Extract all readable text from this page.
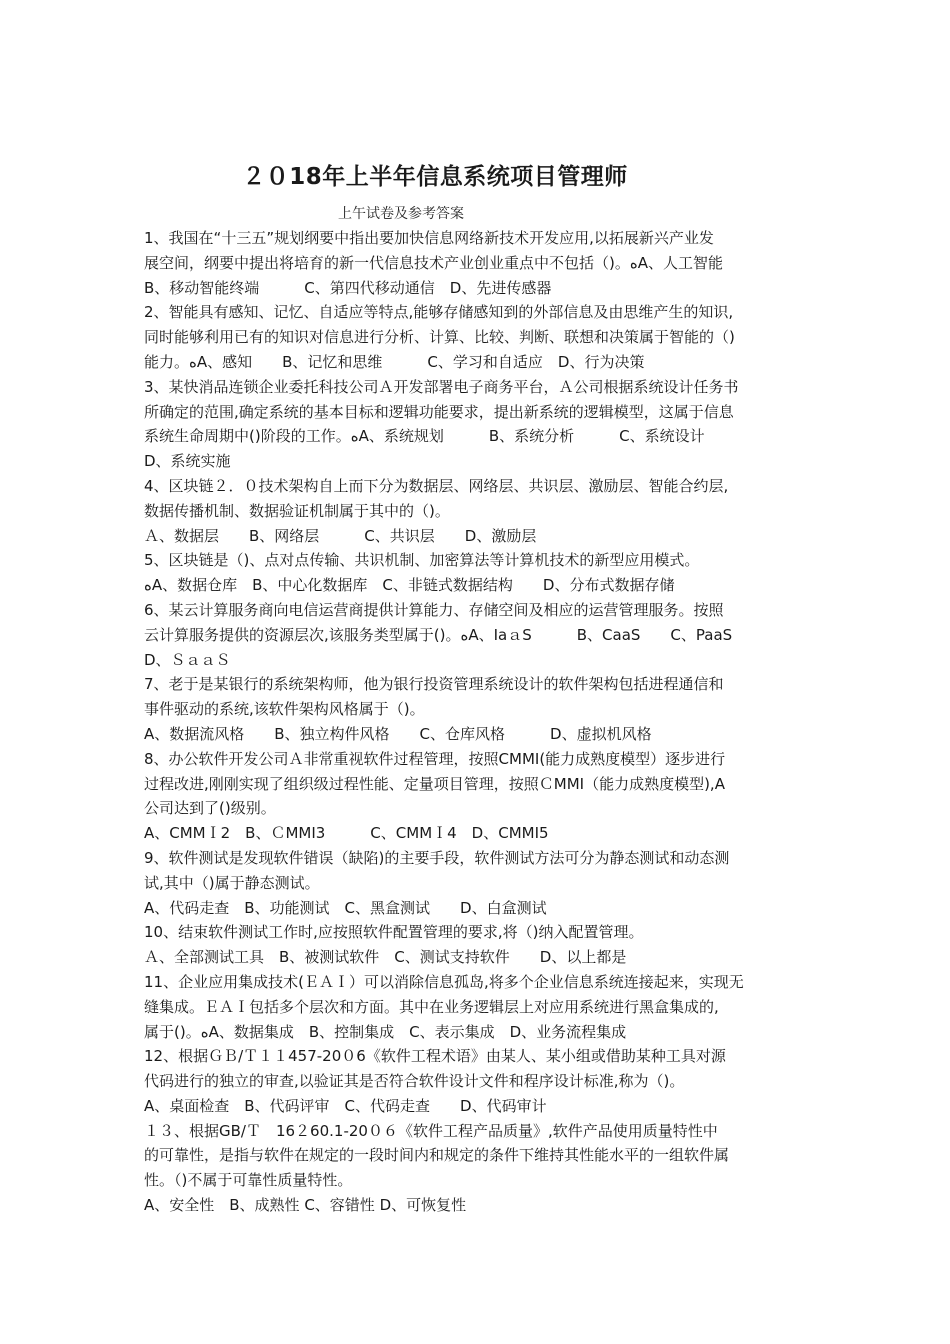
２０18年上半年信息系统项目管理师
上午试卷及参考答案

1、我国在“十三五”规划纲要中指出要加快信息网络新技术开发应用,以拓展新兴产业发

展空间，纲要中提出将培育的新一代信息技术产业创业重点中不包括（)。ﻩA、人工智能

B、移动智能终端　　　C、第四代移动通信　D、先进传感器

2、智能具有感知、记忆、自适应等特点,能够存储感知到的外部信息及由思维产生的知识,

同时能够利用已有的知识对信息进行分析、计算、比较、判断、联想和决策属于智能的（)

能力。ﻩA、感知　　B、记忆和思维　　　C、学习和自适应　D、行为决策

3、某快消品连锁企业委托科技公司Ａ开发部署电子商务平台，Ａ公司根据系统设计任务书

所确定的范围,确定系统的基本目标和逻辑功能要求，提出新系统的逻辑模型，这属于信息

系统生命周期中()阶段的工作。ﻩA、系统规划　　　B、系统分析　　　C、系统设计

D、系统实施

4、区块链２．０技术架构自上而下分为数据层、网络层、共识层、激励层、智能合约层,

数据传播机制、数据验证机制属于其中的（)。

Ａ、数据层　　B、网络层　　　C、共识层　　D、激励层

5、区块链是（)、点对点传输、共识机制、加密算法等计算机技术的新型应用模式。

ﻩA、数据仓库　B、中心化数据库　C、非链式数据结构　　D、分布式数据存储

6、某云计算服务商向电信运营商提供计算能力、存储空间及相应的运营管理服务。按照

云计算服务提供的资源层次,该服务类型属于()。ﻩA、IaａS　　　B、CaaS　　C、PaaS

D、ＳａａＳ

7、老于是某银行的系统架构师，他为银行投资管理系统设计的软件架构包括进程通信和

事件驱动的系统,该软件架构风格属于（)。

A、数据流风格　　B、独立构件风格　　C、仓库风格　　　D、虚拟机风格

8、办公软件开发公司Ａ非常重视软件过程管理，按照CMMI(能力成熟度模型）逐步进行

过程改进,刚刚实现了组织级过程性能、定量项目管理，按照ＣMMI（能力成熟度模型),A

公司达到了()级别。

A、CMMＩ2　B、ＣMMI3　　　C、CMMＩ4　D、CMMI5

9、软件测试是发现软件错误（缺陷)的主要手段，软件测试方法可分为静态测试和动态测

试,其中（)属于静态测试。

A、代码走查　B、功能测试　C、黑盒测试　　D、白盒测试

10、结束软件测试工作时,应按照软件配置管理的要求,将（)纳入配置管理。

Ａ、全部测试工具　B、被测试软件　C、测试支持软件　　D、以上都是

11、企业应用集成技术(ＥＡＩ）可以消除信息孤岛,将多个企业信息系统连接起来，实现无

缝集成。ＥＡＩ包括多个层次和方面。其中在业务逻辑层上对应用系统进行黑盒集成的,

属于()。ﻩA、数据集成　B、控制集成　C、表示集成　D、业务流程集成

12、根据ＧＢ/Ｔ１１457-20０6《软件工程术语》由某人、某小组或借助某种工具对源

代码进行的独立的审查,以验证其是否符合软件设计文件和程序设计标准,称为（)。

A、桌面检查　B、代码评审　C、代码走查　　D、代码审计

１３、根据GB/Ｔ　16２60.1-20０６《软件工程产品质量》,软件产品使用质量特性中

的可靠性，是指与软件在规定的一段时间内和规定的条件下维持其性能水平的一组软件属

性。（)不属于可靠性质量特性。

A、安全性　B、成熟性 C、容错性 D、可恢复性
